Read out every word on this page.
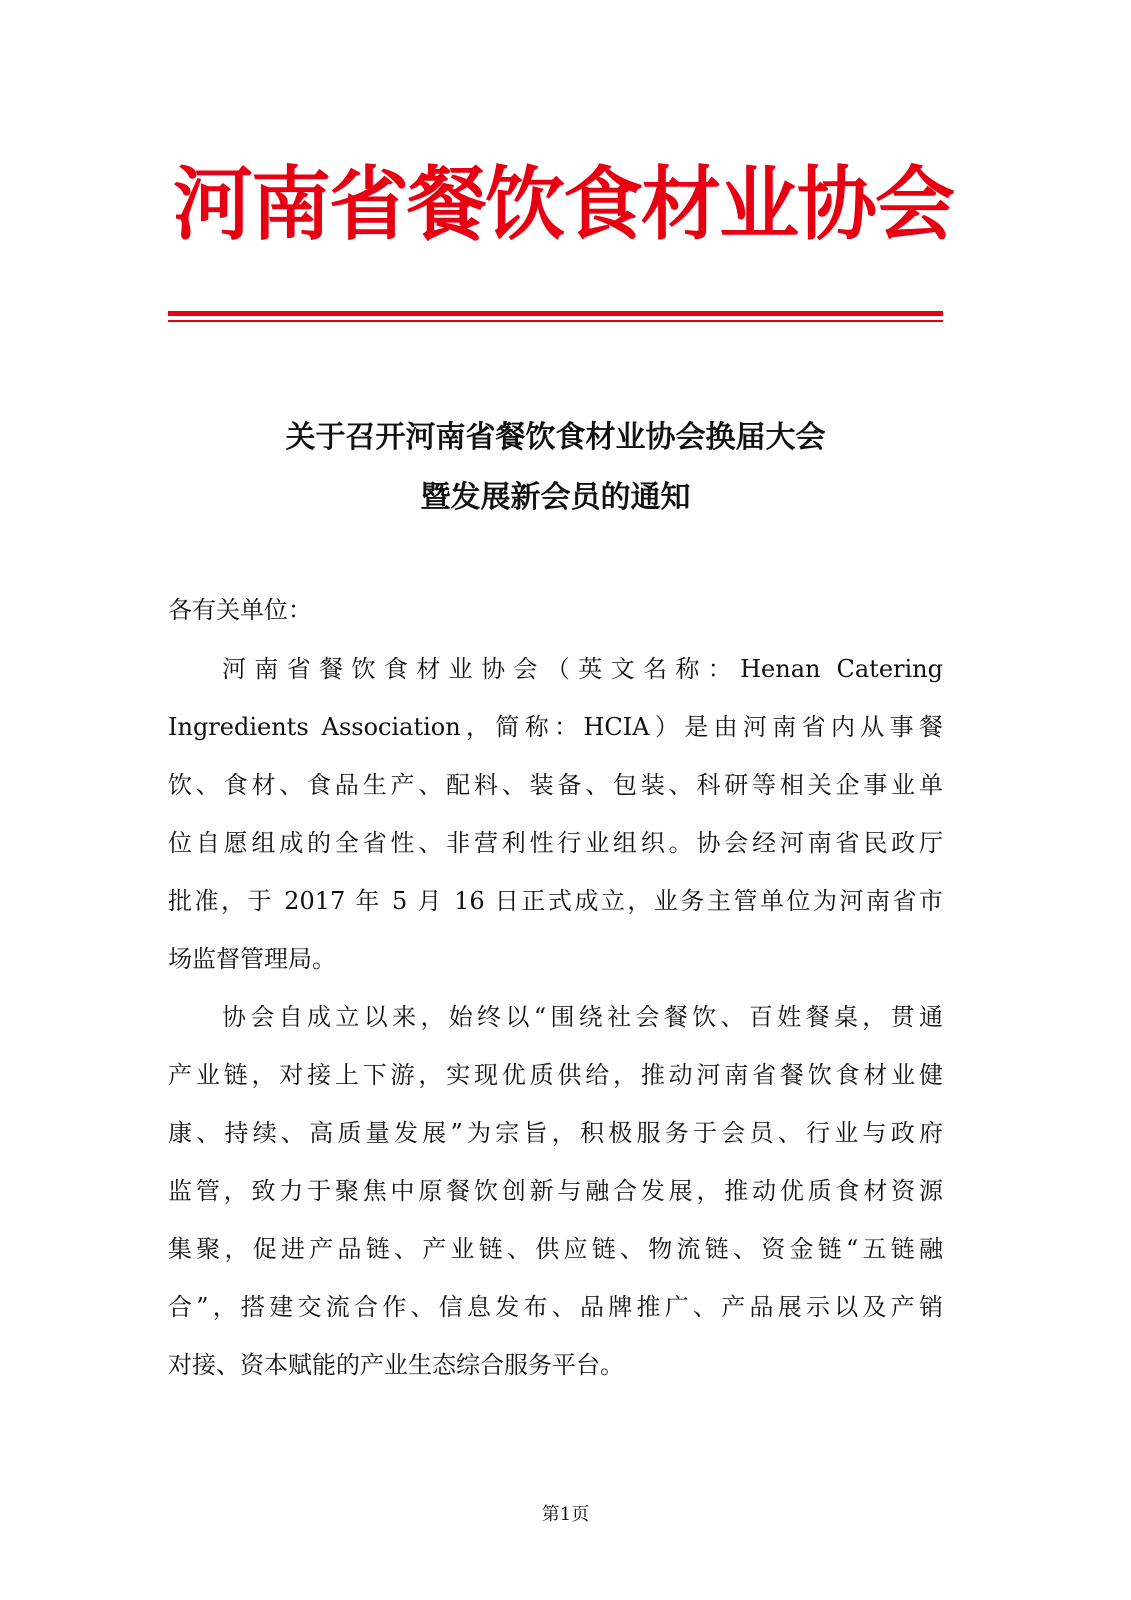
河南省餐饮食材业协会
关于召开河南省餐饮食材业协会换届大会
暨发展新会员的通知
各有关单位：
河南省餐饮食材业协会（英文名称：Henan Catering
Ingredients Association，简称：HCIA）是由河南省内从事餐
饮、食材、食品生产、配料、装备、包装、科研等相关企事业单
位自愿组成的全省性、非营利性行业组织。协会经河南省民政厅
批准，于 2017 年 5 月 16 日正式成立，业务主管单位为河南省市
场监督管理局。
协会自成立以来，始终以“围绕社会餐饮、百姓餐桌，贯通
产业链，对接上下游，实现优质供给，推动河南省餐饮食材业健
康、持续、高质量发展”为宗旨，积极服务于会员、行业与政府
监管，致力于聚焦中原餐饮创新与融合发展，推动优质食材资源
集聚，促进产品链、产业链、供应链、物流链、资金链“五链融
合”，搭建交流合作、信息发布、品牌推广、产品展示以及产销
对接、资本赋能的产业生态综合服务平台。
第1页
